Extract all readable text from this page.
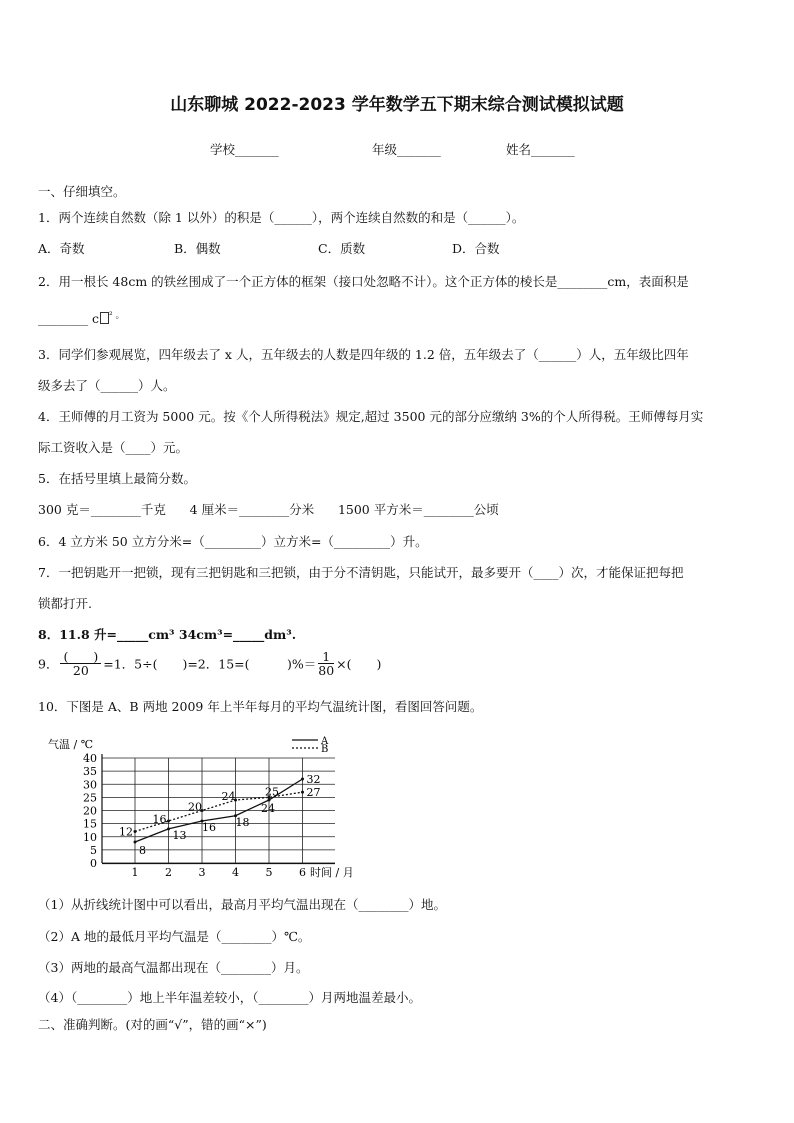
山东聊城 2022-2023 学年数学五下期末综合测试模拟试题
学校_______	年级_______	姓名_______
一、仔细填空。
1．两个连续自然数（除 1 以外）的积是（______），两个连续自然数的和是（______）。
A．奇数	B．偶数	C．质数	D．合数
2．用一根长 48cm 的铁丝围成了一个正方体的框架（接口处忽略不计）。这个正方体的棱长是________cm，表面积是
________ c $^{^2 。}$
3．同学们参观展览，四年级去了 x 人，五年级去的人数是四年级的 1.2 倍，五年级去了（______）人，五年级比四年
级多去了（______）人。
4．王师傅的月工资为 5000 元。按《个人所得税法》规定,超过 3500 元的部分应缴纳 3%的个人所得税。王师傅每月实
际工资收入是（____）元。
5．在括号里填上最简分数。
300 克＝________千克      4 厘米＝________分米      1500 平方米＝________公顷
6．4 立方米 50 立方分米=（_________）立方米=（_________）升。
7．一把钥匙开一把锁，现有三把钥匙和三把锁，由于分不清钥匙，只能试开，最多要开（____）次，才能保证把每把
锁都打开.
8．11.8 升=_____cm³ 34cm³=_____dm³.
9． $\frac{( )}{20} =1$．5÷(　　)=2．15=(　　　)%＝ $\frac{1}{80}$ ×(　　)
10．下图是 A、B 两地 2009 年上半年每月的平均气温统计图，看图回答问题。
0
5
10
15
20
25
30
35
40
1 2 3 4 5 6
气温 / ℃
时间 / 月
A
B
8
13
16 18
24
32
12
16
20
24	25	27
（1）从折线统计图中可以看出，最高月平均气温出现在（________）地。
（2）A 地的最低月平均气温是（________）℃。
（3）两地的最高气温都出现在（________）月。
（4）（________）地上半年温差较小，（________）月两地温差最小。
二、准确判断。(对的画“√”，错的画“×”)
